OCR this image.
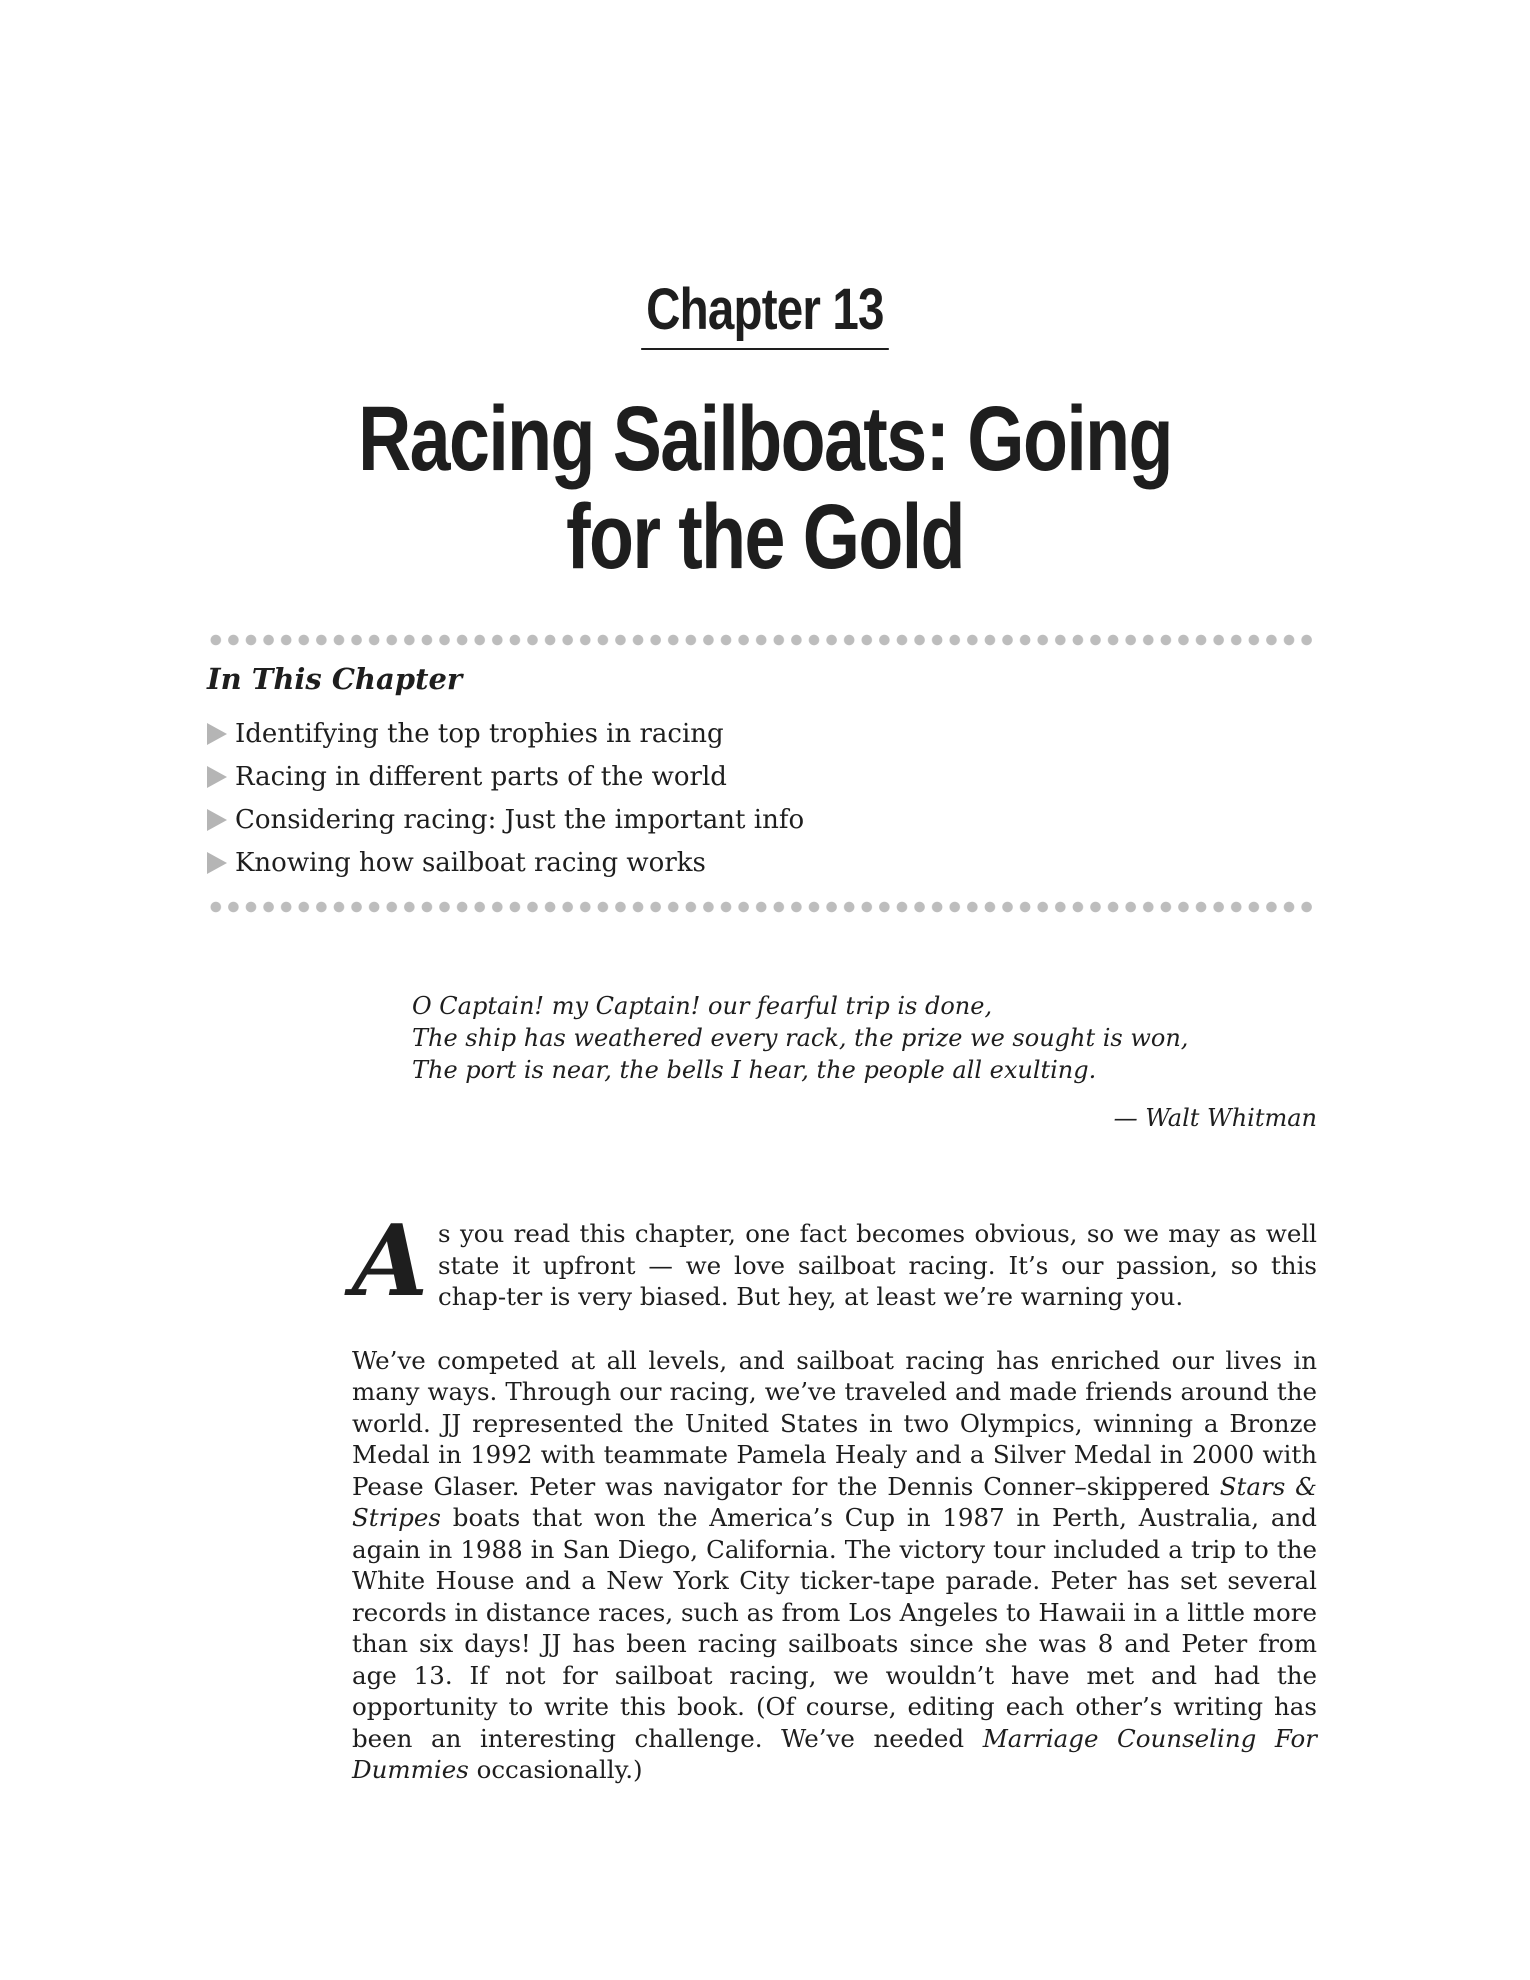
Chapter 13
Racing Sailboats: Going
for the Gold
In This Chapter
Identifying the top trophies in racing
Racing in different parts of the world
Considering racing: Just the important info
Knowing how sailboat racing works
O Captain! my Captain! our fearful trip is done,
The ship has weathered every rack, the prize we sought is won,
The port is near, the bells I hear, the people all exulting.
— Walt Whitman

As you read this chapter, one fact becomes obvious, so we may as well state it upfront — we love sailboat racing. It’s our passion, so this chap-ter is very biased. But hey, at least we’re warning you.

We’ve competed at all levels, and sailboat racing has enriched our lives in many ways. Through our racing, we’ve traveled and made friends around the world. JJ represented the United States in two Olympics, winning a Bronze Medal in 1992 with teammate Pamela Healy and a Silver Medal in 2000 with Pease Glaser. Peter was navigator for the Dennis Conner–skippered Stars & Stripes boats that won the America’s Cup in 1987 in Perth, Australia, and again in 1988 in San Diego, California. The victory tour included a trip to the White House and a New York City ticker-tape parade. Peter has set several records in distance races, such as from Los Angeles to Hawaii in a little more than six days! JJ has been racing sailboats since she was 8 and Peter from age 13. If not for sailboat racing, we wouldn’t have met and had the opportunity to write this book. (Of course, editing each other’s writing has been an interesting challenge. We’ve needed Marriage Counseling For Dummies occasionally.)
